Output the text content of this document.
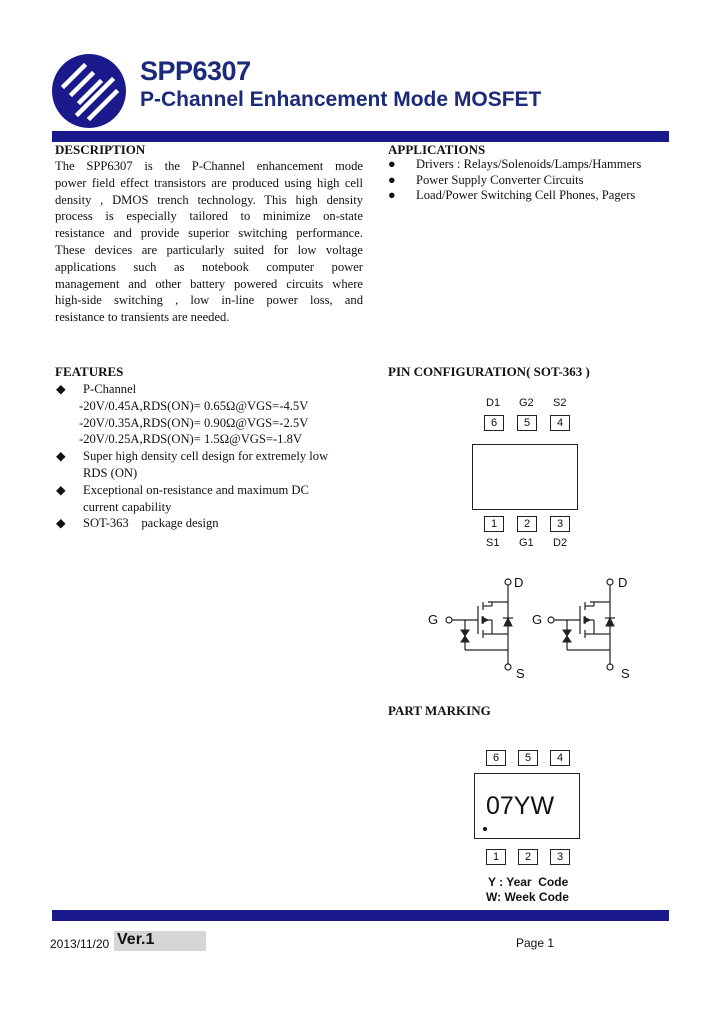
SPP6307
P-Channel Enhancement Mode MOSFET
DESCRIPTION
The SPP6307 is the P-Channel enhancement mode
power field effect transistors are produced using high cell
density , DMOS trench technology. This high density
process is especially tailored to minimize on-state
resistance and provide superior switching performance.
These devices are particularly suited for low voltage
applications such as notebook computer power
management and other battery powered circuits where
high-side switching , low in-line power loss, and
resistance to transients are needed.
APPLICATIONS
● Drivers : Relays/Solenoids/Lamps/Hammers
● Power Supply Converter Circuits
● Load/Power Switching Cell Phones, Pagers
FEATURES
◆ P-Channel
-20V/0.45A,RDS(ON)= 0.65Ω@VGS=-4.5V
-20V/0.35A,RDS(ON)= 0.90Ω@VGS=-2.5V
-20V/0.25A,RDS(ON)= 1.5Ω@VGS=-1.8V
◆ Super high density cell design for extremely low
RDS (ON)
◆ Exceptional on-resistance and maximum DC
current capability
◆ SOT-363    package design
PIN CONFIGURATION( SOT-363 )
D1 G2 S2
6	5	4
1	2	3
S1 G1 D2
D
G
S
D
G
S
PART MARKING
6	5	4
07YW
1	2	3
Y : Year  Code
W: Week Code
2013/11/20 Ver.1	Page 1
